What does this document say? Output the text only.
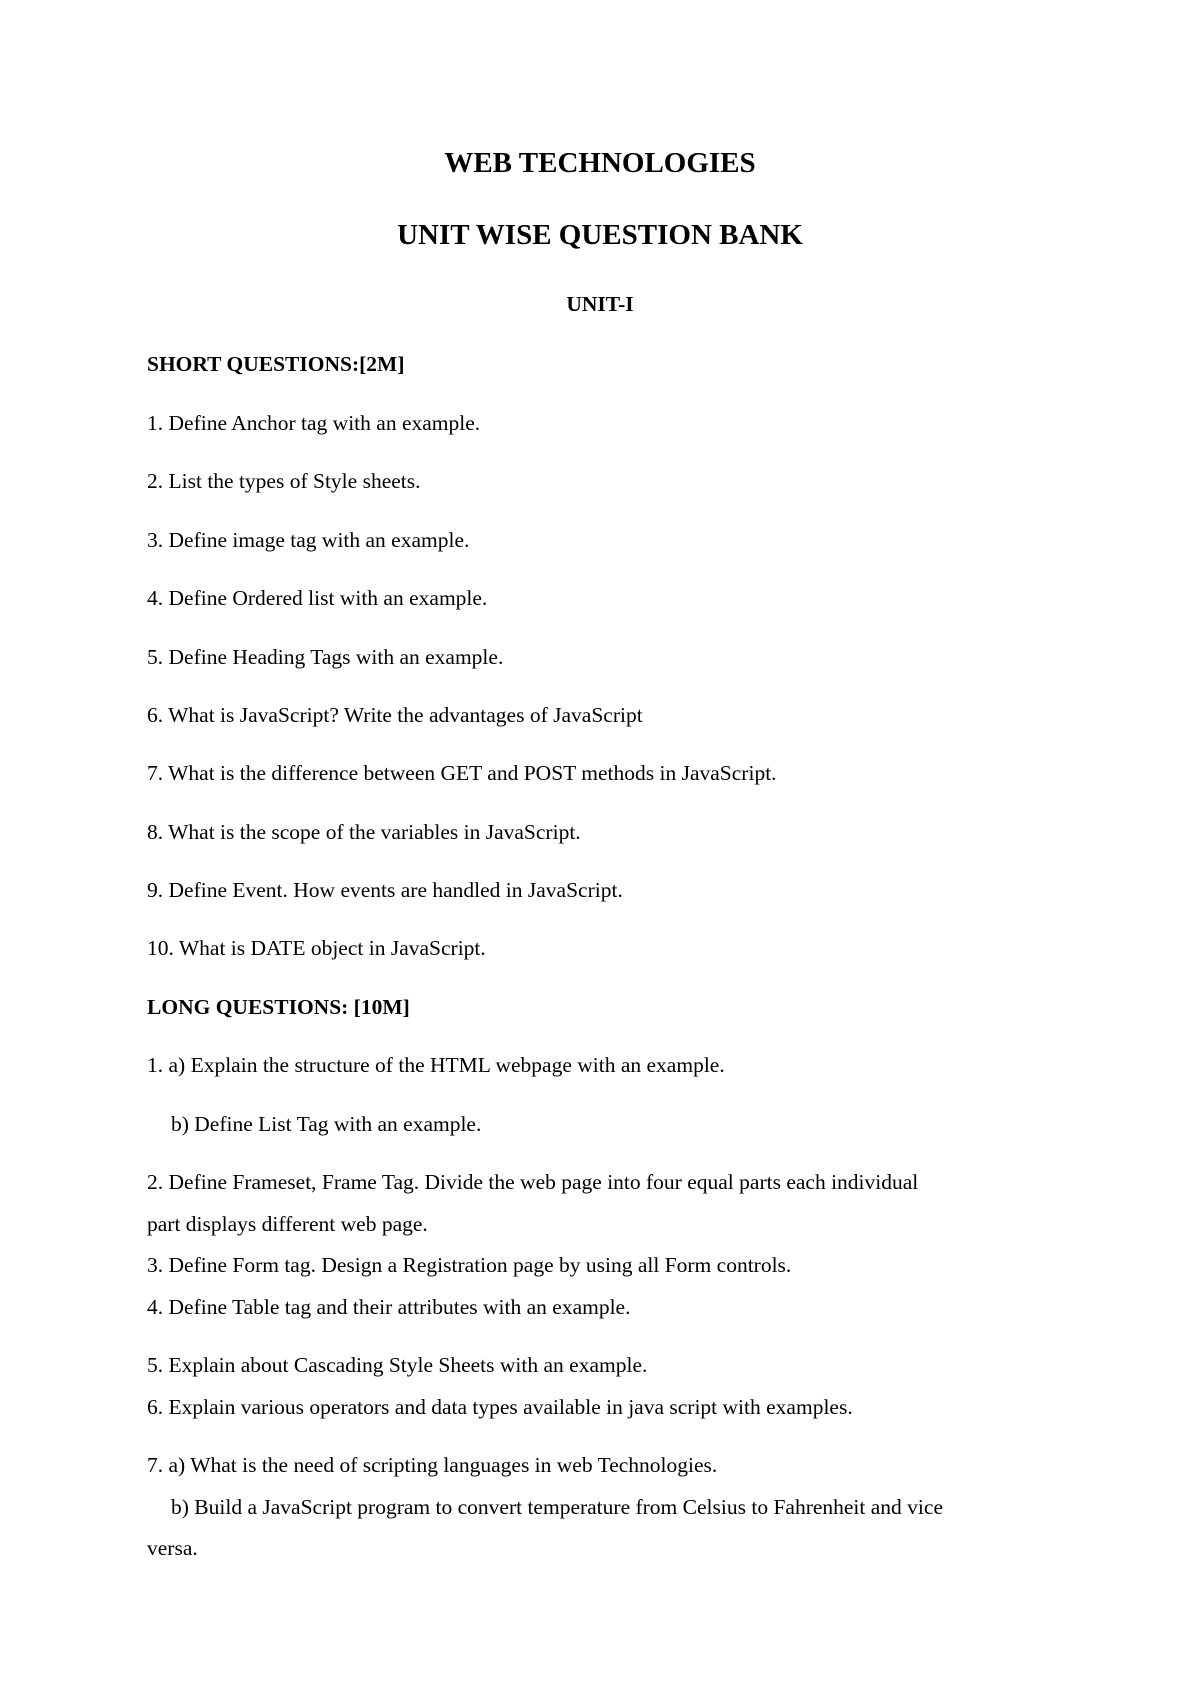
WEB TECHNOLOGIES
UNIT WISE QUESTION BANK
UNIT-I
SHORT QUESTIONS:[2M]
1. Define Anchor tag with an example.
2. List the types of Style sheets.
3. Define image tag with an example.
4. Define Ordered list with an example.
5. Define Heading Tags with an example.
6. What is JavaScript? Write the advantages of JavaScript
7. What is the difference between GET and POST methods in JavaScript.
8. What is the scope of the variables in JavaScript.
9. Define Event. How events are handled in JavaScript.
10. What is DATE object in JavaScript.
LONG QUESTIONS: [10M]
1. a) Explain the structure of the HTML webpage with an example.
b) Define List Tag with an example.
2. Define Frameset, Frame Tag. Divide the web page into four equal parts each individual
part displays different web page.
3. Define Form tag. Design a Registration page by using all Form controls.
4. Define Table tag and their attributes with an example.
5. Explain about Cascading Style Sheets with an example.
6. Explain various operators and data types available in java script with examples.
7. a) What is the need of scripting languages in web Technologies.
b) Build a JavaScript program to convert temperature from Celsius to Fahrenheit and vice
versa.
